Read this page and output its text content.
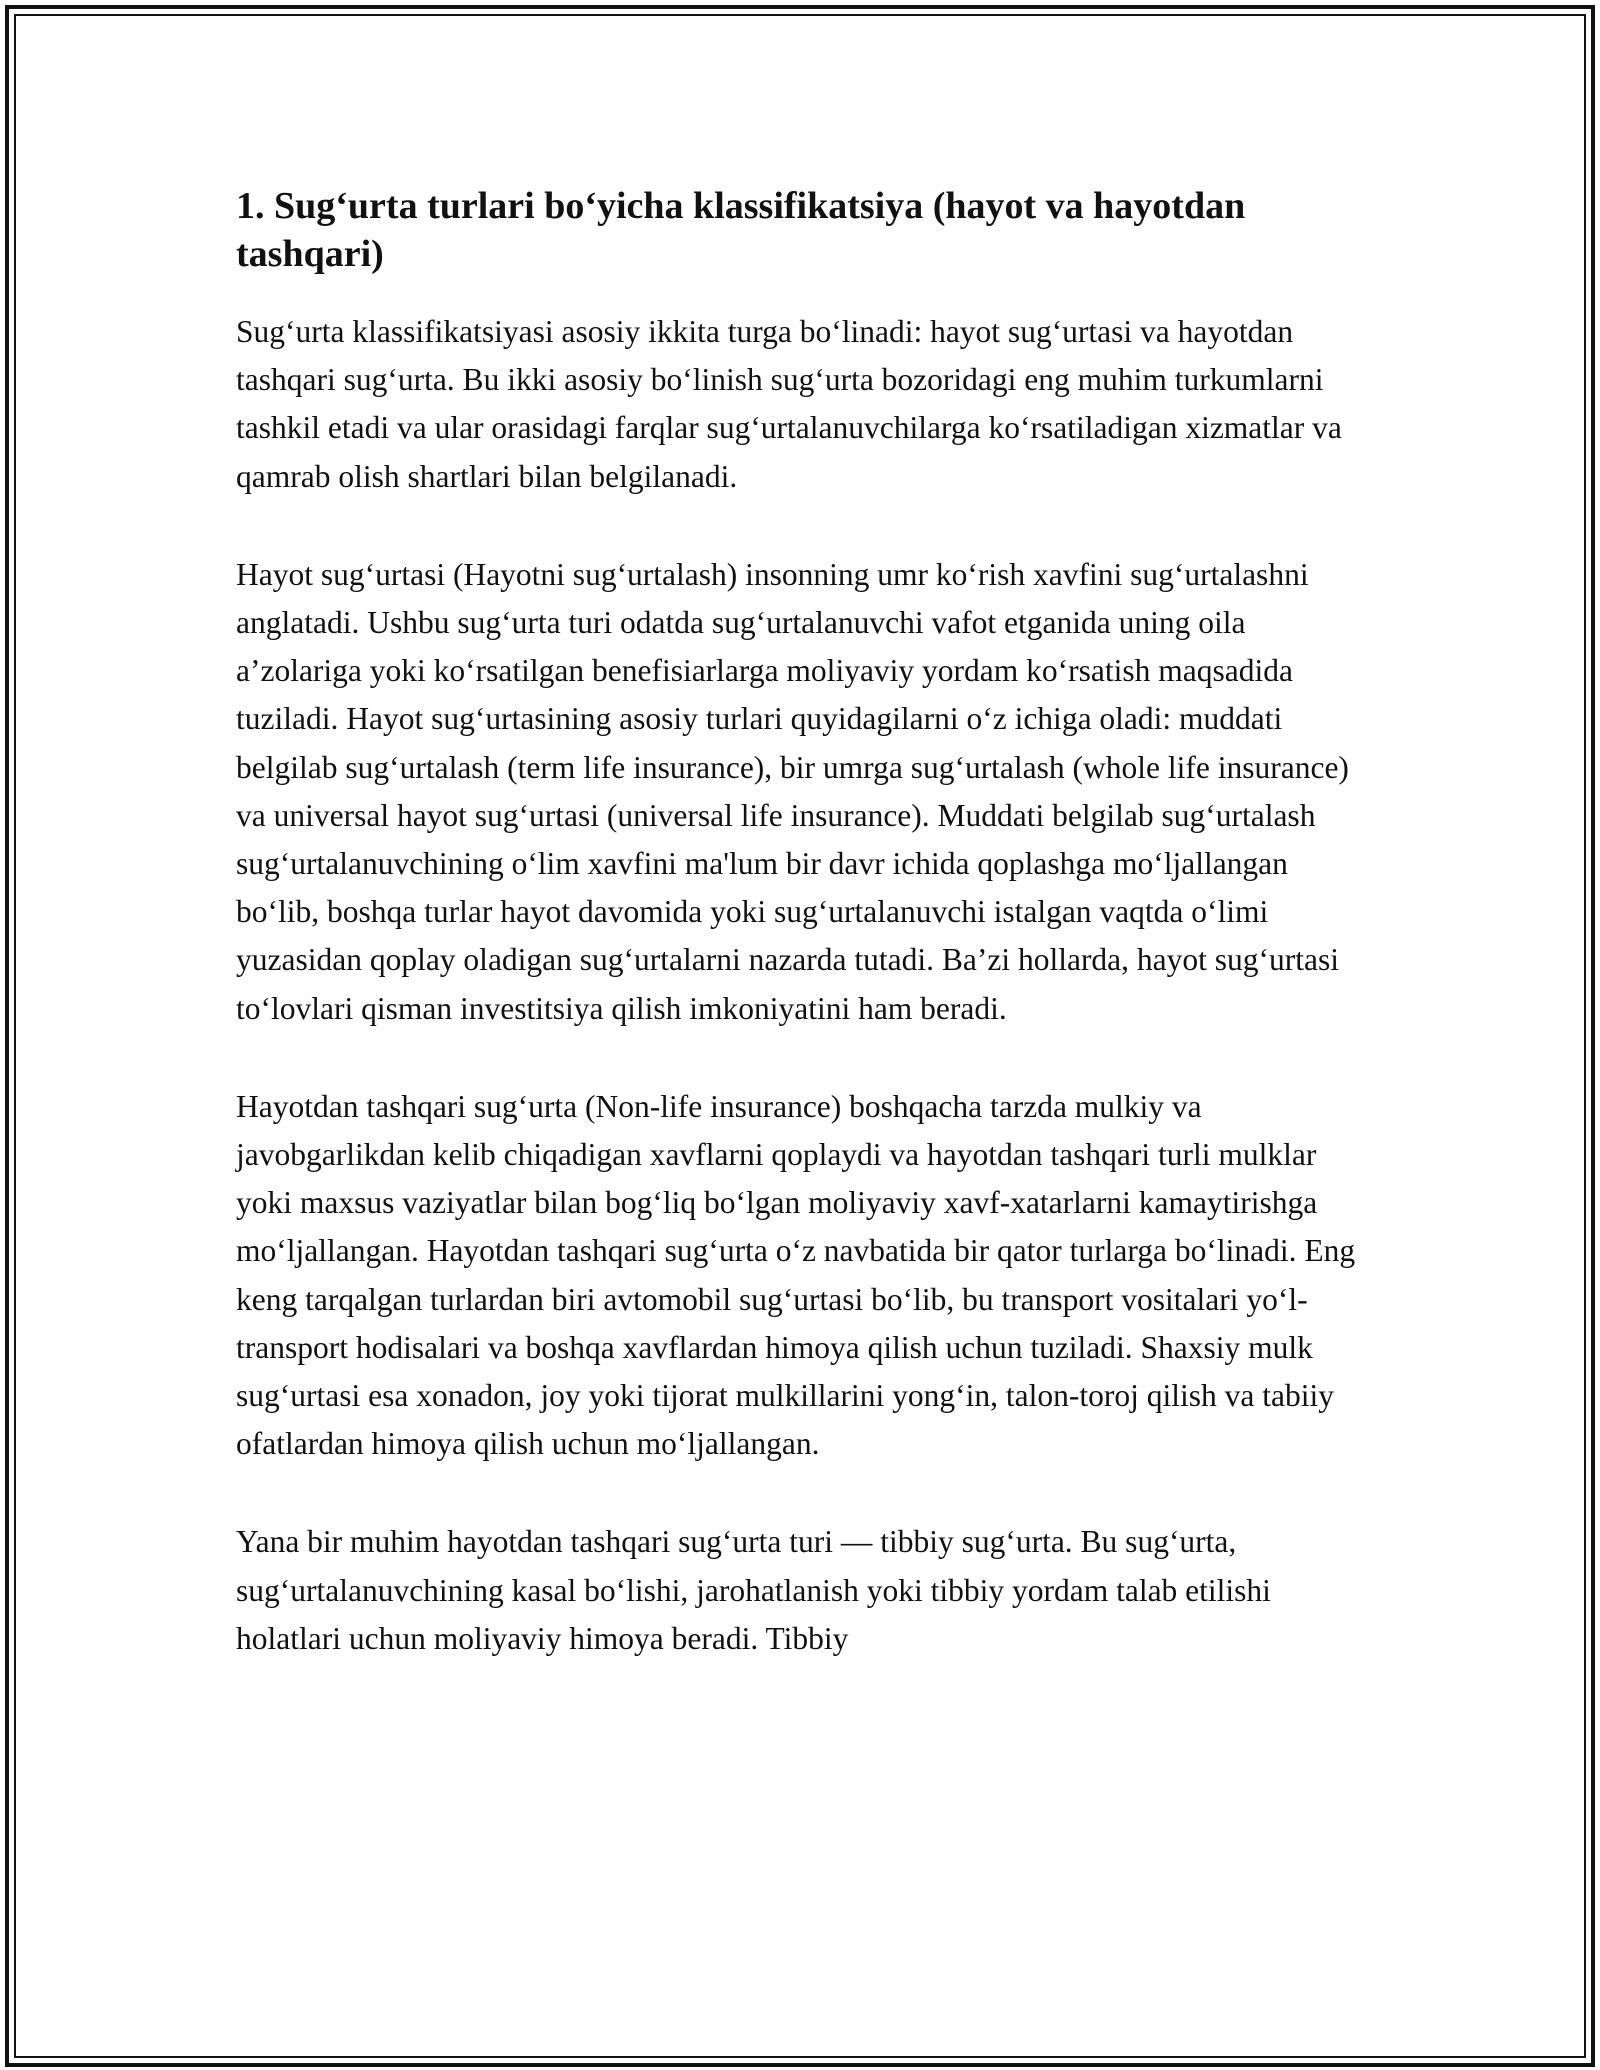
1. Sug‘urta turlari bo‘yicha klassifikatsiya (hayot va hayotdan tashqari)

Sug‘urta klassifikatsiyasi asosiy ikkita turga bo‘linadi: hayot sug‘urtasi va hayotdan tashqari sug‘urta. Bu ikki asosiy bo‘linish sug‘urta bozoridagi eng muhim turkumlarni tashkil etadi va ular orasidagi farqlar sug‘urtalanuvchilarga ko‘rsatiladigan xizmatlar va qamrab olish shartlari bilan belgilanadi.

Hayot sug‘urtasi (Hayotni sug‘urtalash) insonning umr ko‘rish xavfini sug‘urtalashni anglatadi. Ushbu sug‘urta turi odatda sug‘urtalanuvchi vafot etganida uning oila a’zolariga yoki ko‘rsatilgan benefisiarlarga moliyaviy yordam ko‘rsatish maqsadida tuziladi. Hayot sug‘urtasining asosiy turlari quyidagilarni o‘z ichiga oladi: muddati belgilab sug‘urtalash (term life insurance), bir umrga sug‘urtalash (whole life insurance) va universal hayot sug‘urtasi (universal life insurance). Muddati belgilab sug‘urtalash sug‘urtalanuvchining o‘lim xavfini ma'lum bir davr ichida qoplashga mo‘ljallangan bo‘lib, boshqa turlar hayot davomida yoki sug‘urtalanuvchi istalgan vaqtda o‘limi yuzasidan qoplay oladigan sug‘urtalarni nazarda tutadi. Ba’zi hollarda, hayot sug‘urtasi to‘lovlari qisman investitsiya qilish imkoniyatini ham beradi.

Hayotdan tashqari sug‘urta (Non-life insurance) boshqacha tarzda mulkiy va javobgarlikdan kelib chiqadigan xavflarni qoplaydi va hayotdan tashqari turli mulklar yoki maxsus vaziyatlar bilan bog‘liq bo‘lgan moliyaviy xavf-xatarlarni kamaytirishga mo‘ljallangan. Hayotdan tashqari sug‘urta o‘z navbatida bir qator turlarga bo‘linadi. Eng keng tarqalgan turlardan biri avtomobil sug‘urtasi bo‘lib, bu transport vositalari yo‘l-transport hodisalari va boshqa xavflardan himoya qilish uchun tuziladi. Shaxsiy mulk sug‘urtasi esa xonadon, joy yoki tijorat mulkillarini yong‘in, talon-toroj qilish va tabiiy ofatlardan himoya qilish uchun mo‘ljallangan.

Yana bir muhim hayotdan tashqari sug‘urta turi — tibbiy sug‘urta. Bu sug‘urta, sug‘urtalanuvchining kasal bo‘lishi, jarohatlanish yoki tibbiy yordam talab etilishi holatlari uchun moliyaviy himoya beradi. Tibbiy
